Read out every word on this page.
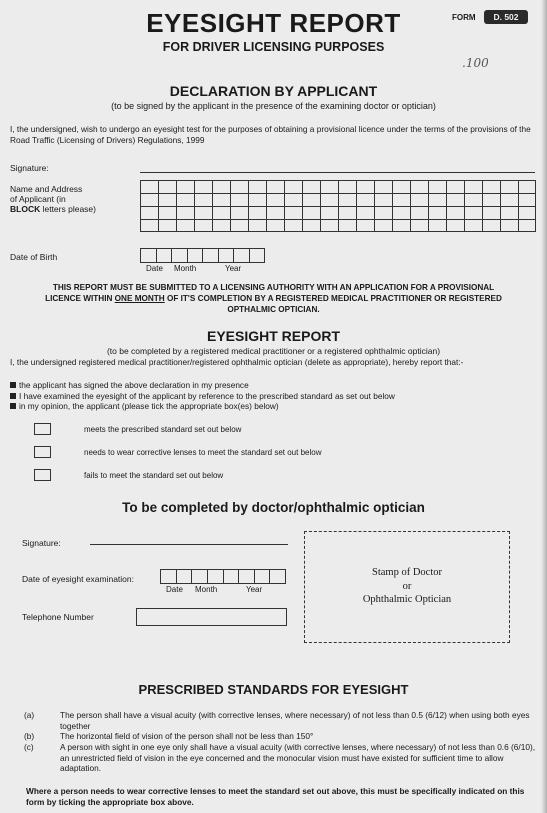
EYESIGHT REPORT
FOR DRIVER LICENSING PURPOSES
FORM	D. 502
.100
DECLARATION BY APPLICANT
(to be signed by the applicant in the presence of the examining doctor or optician)
I, the undersigned, wish to undergo an eyesight test for the purposes of obtaining a provisional licence under the terms of the provisions of the Road Traffic (Licensing of Drivers) Regulations, 1999
Signature:
Name and Address
of Applicant (in
BLOCK letters please)
Date of Birth
Date Month	Year
THIS REPORT MUST BE SUBMITTED TO A LICENSING AUTHORITY WITH AN APPLICATION FOR A PROVISIONAL
LICENCE WITHIN ONE MONTH OF IT'S COMPLETION BY A REGISTERED MEDICAL PRACTITIONER OR REGISTERED
OPTHALMIC OPTICIAN.
EYESIGHT REPORT
(to be completed by a registered medical practitioner or a registered ophthalmic optician)
I, the undersigned registered medical practitioner/registered ophthalmic optician (delete as appropriate), hereby report that:-
the applicant has signed the above declaration in my presence
I have examined the eyesight of the applicant by reference to the prescribed standard as set out below
in my opinion, the applicant (please tick the appropriate box(es) below)
meets the prescribed standard set out below
needs to wear corrective lenses to meet the standard set out below
fails to meet the standard set out below
To be completed by doctor/ophthalmic optician
Signature:
Date of eyesight examination:
Date Month	Year
Telephone Number
Stamp of Doctor
or
Ophthalmic Optician
PRESCRIBED STANDARDS FOR EYESIGHT
(a)	The person shall have a visual acuity (with corrective lenses, where necessary) of not less than 0.5 (6/12) when using both eyes together
(b)	The horizontal field of vision of the person shall not be less than 150°
(c)	A person with sight in one eye only shall have a visual acuity (with corrective lenses, where necessary) of not less than 0.6 (6/10), an unrestricted field of vision in the eye concerned and the monocular vision must have existed for sufficient time to allow adaptation.
Where a person needs to wear corrective lenses to meet the standard set out above, this must be specifically indicated on this form by ticking the appropriate box above.
